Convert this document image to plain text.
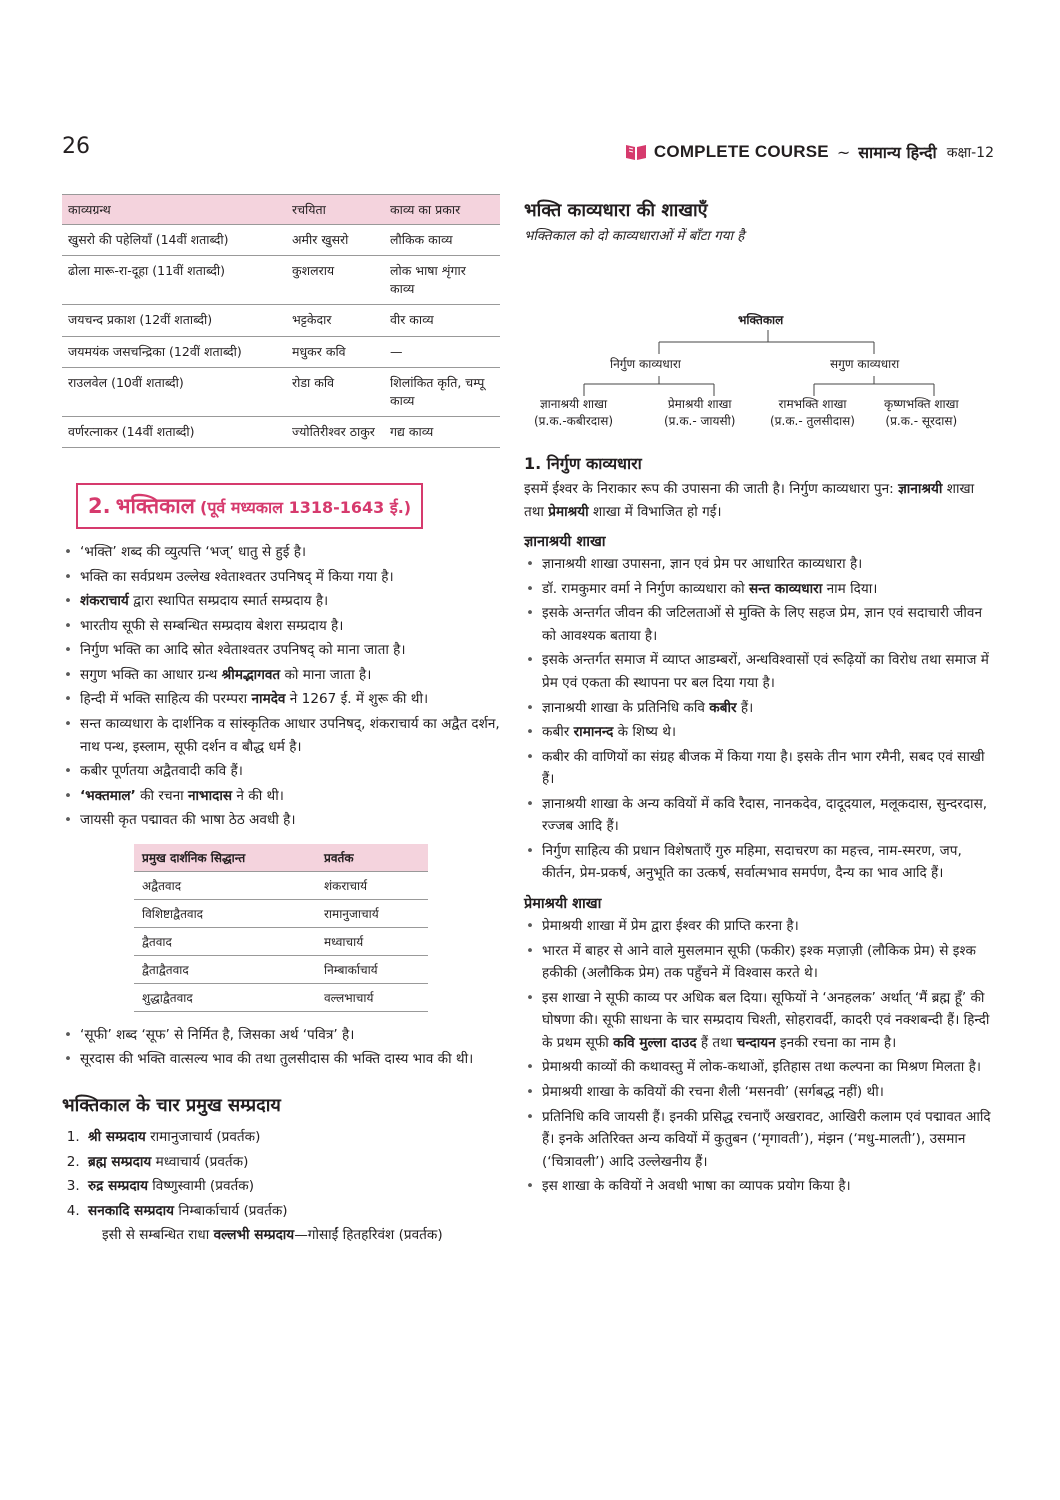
26	COMPLETE COURSE ~ सामान्य हिन्दी कक्षा-12
काव्यग्रन्थ	रचयिता	काव्य का प्रकार
खुसरो की पहेलियाँ (14वीं शताब्दी)	अमीर खुसरो	लौकिक काव्य
ढोला मारू-रा-दूहा (11वीं शताब्दी)	कुशलराय	लोक भाषा शृंगार काव्य
जयचन्द प्रकाश (12वीं शताब्दी)	भट्टकेदार	वीर काव्य
जयमयंक जसचन्द्रिका (12वीं शताब्दी)	मधुकर कवि	—
राउलवेल (10वीं शताब्दी)	रोडा कवि	शिलांकित कृति, चम्पू काव्य
वर्णरत्नाकर (14वीं शताब्दी)	ज्योतिरीश्वर ठाकुर	गद्य काव्य
2. भक्तिकाल (पूर्व मध्यकाल 1318-1643 ई.)
• ‘भक्ति’ शब्द की व्युत्पत्ति ‘भज्’ धातु से हुई है।
• भक्ति का सर्वप्रथम उल्लेख श्वेताश्वतर उपनिषद् में किया गया है।
• शंकराचार्य द्वारा स्थापित सम्प्रदाय स्मार्त सम्प्रदाय है।
• भारतीय सूफी से सम्बन्धित सम्प्रदाय बेशरा सम्प्रदाय है।
• निर्गुण भक्ति का आदि स्रोत श्वेताश्वतर उपनिषद् को माना जाता है।
• सगुण भक्ति का आधार ग्रन्थ श्रीमद्भागवत को माना जाता है।
• हिन्दी में भक्ति साहित्य की परम्परा नामदेव ने 1267 ई. में शुरू की थी।
• सन्त काव्यधारा के दार्शनिक व सांस्कृतिक आधार उपनिषद्, शंकराचार्य का अद्वैत दर्शन, नाथ पन्थ, इस्लाम, सूफी दर्शन व बौद्ध धर्म है।
• कबीर पूर्णतया अद्वैतवादी कवि हैं।
• ‘भक्तमाल’ की रचना नाभादास ने की थी।
• जायसी कृत पद्मावत की भाषा ठेठ अवधी है।
प्रमुख दार्शनिक सिद्धान्त	प्रवर्तक
अद्वैतवाद	शंकराचार्य
विशिष्टाद्वैतवाद	रामानुजाचार्य
द्वैतवाद	मध्वाचार्य
द्वैताद्वैतवाद	निम्बार्काचार्य
शुद्धाद्वैतवाद	वल्लभाचार्य
• ‘सूफी’ शब्द ‘सूफ’ से निर्मित है, जिसका अर्थ ‘पवित्र’ है।
• सूरदास की भक्ति वात्सल्य भाव की तथा तुलसीदास की भक्ति दास्य भाव की थी।
भक्तिकाल के चार प्रमुख सम्प्रदाय
1. श्री सम्प्रदाय रामानुजाचार्य (प्रवर्तक)
2. ब्रह्म सम्प्रदाय मध्वाचार्य (प्रवर्तक)
3. रुद्र सम्प्रदाय विष्णुस्वामी (प्रवर्तक)
4. सनकादि सम्प्रदाय निम्बार्काचार्य (प्रवर्तक)
इसी से सम्बन्धित राधा वल्लभी सम्प्रदाय—गोसाईं हितहरिवंश (प्रवर्तक)
भक्ति काव्यधारा की शाखाएँ

भक्तिकाल को दो काव्यधाराओं में बाँटा गया है

भक्तिकाल
निर्गुण काव्यधारा	सगुण काव्यधारा
ज्ञानाश्रयी शाखा
(प्र.क.-कबीरदास)
प्रेमाश्रयी शाखा
(प्र.क.- जायसी)
रामभक्ति शाखा
(प्र.क.- तुलसीदास)
कृष्णभक्ति शाखा
(प्र.क.- सूरदास)
1. निर्गुण काव्यधारा

इसमें ईश्वर के निराकार रूप की उपासना की जाती है। निर्गुण काव्यधारा पुन: ज्ञानाश्रयी शाखा तथा प्रेमाश्रयी शाखा में विभाजित हो गई।

ज्ञानाश्रयी शाखा
• ज्ञानाश्रयी शाखा उपासना, ज्ञान एवं प्रेम पर आधारित काव्यधारा है।
• डॉ. रामकुमार वर्मा ने निर्गुण काव्यधारा को सन्त काव्यधारा नाम दिया।
• इसके अन्तर्गत जीवन की जटिलताओं से मुक्ति के लिए सहज प्रेम, ज्ञान एवं सदाचारी जीवन को आवश्यक बताया है।
• इसके अन्तर्गत समाज में व्याप्त आडम्बरों, अन्धविश्वासों एवं रूढ़ियों का विरोध तथा समाज में प्रेम एवं एकता की स्थापना पर बल दिया गया है।
• ज्ञानाश्रयी शाखा के प्रतिनिधि कवि कबीर हैं।
• कबीर रामानन्द के शिष्य थे।
• कबीर की वाणियों का संग्रह बीजक में किया गया है। इसके तीन भाग रमैनी, सबद एवं साखी हैं।
• ज्ञानाश्रयी शाखा के अन्य कवियों में कवि रैदास, नानकदेव, दादूदयाल, मलूकदास, सुन्दरदास, रज्जब आदि हैं।
• निर्गुण साहित्य की प्रधान विशेषताएँ गुरु महिमा, सदाचरण का महत्त्व, नाम-स्मरण, जप, कीर्तन, प्रेम-प्रकर्ष, अनुभूति का उत्कर्ष, सर्वात्मभाव समर्पण, दैन्य का भाव आदि हैं।
प्रेमाश्रयी शाखा
• प्रेमाश्रयी शाखा में प्रेम द्वारा ईश्वर की प्राप्ति करना है।
• भारत में बाहर से आने वाले मुसलमान सूफी (फकीर) इश्क मज़ाज़ी (लौकिक प्रेम) से इश्क हकीकी (अलौकिक प्रेम) तक पहुँचने में विश्वास करते थे।
• इस शाखा ने सूफी काव्य पर अधिक बल दिया। सूफियों ने ‘अनहलक’ अर्थात् ‘मैं ब्रह्म हूँ’ की घोषणा की। सूफी साधना के चार सम्प्रदाय चिश्ती, सोहरावर्दी, कादरी एवं नक्शबन्दी हैं। हिन्दी के प्रथम सूफी कवि मुल्ला दाउद हैं तथा चन्दायन इनकी रचना का नाम है।
• प्रेमाश्रयी काव्यों की कथावस्तु में लोक-कथाओं, इतिहास तथा कल्पना का मिश्रण मिलता है।
• प्रेमाश्रयी शाखा के कवियों की रचना शैली ‘मसनवी’ (सर्गबद्ध नहीं) थी।
• प्रतिनिधि कवि जायसी हैं। इनकी प्रसिद्ध रचनाएँ अखरावट, आखिरी कलाम एवं पद्मावत आदि हैं। इनके अतिरिक्त अन्य कवियों में कुतुबन (‘मृगावती’), मंझन (‘मधु-मालती’), उसमान (‘चित्रावली’) आदि उल्लेखनीय हैं।
• इस शाखा के कवियों ने अवधी भाषा का व्यापक प्रयोग किया है।
